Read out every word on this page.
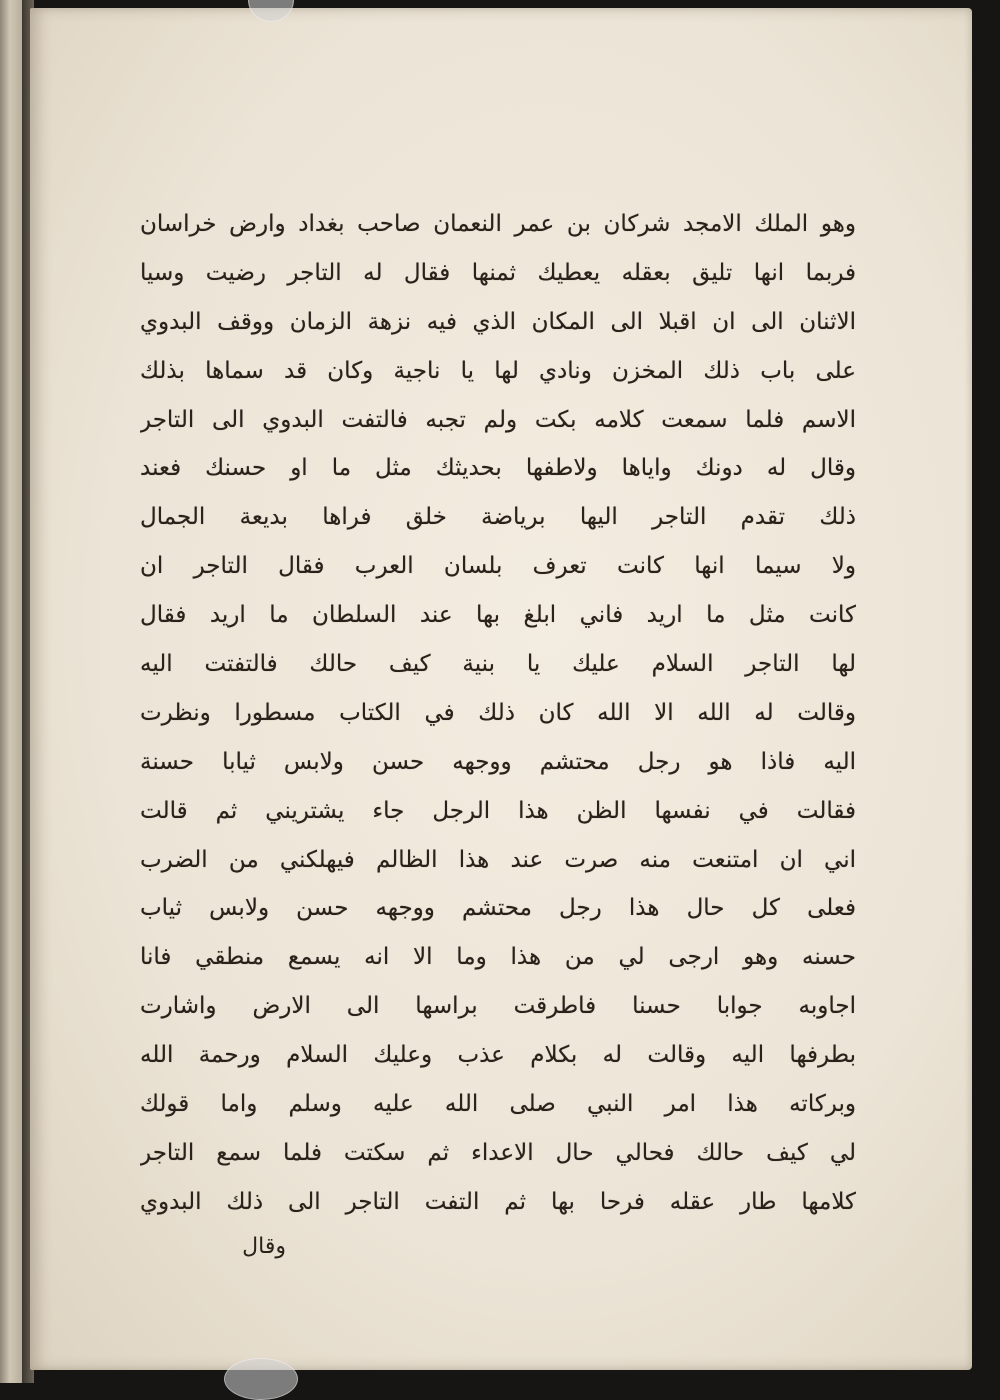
وهو الملك الامجد شركان بن عمر النعمان صاحب بغداد وارض خراسان
فربما انها تليق بعقله يعطيك ثمنها فقال له التاجر رضيت وسيا
الاثنان الى ان اقبلا الى المكان الذي فيه نزهة الزمان ووقف البدوي
على باب ذلك المخزن ونادي لها يا ناجية وكان قد سماها بذلك
الاسم فلما سمعت كلامه بكت ولم تجبه فالتفت البدوي الى التاجر
وقال له دونك واياها ولاطفها بحديثك مثل ما او حسنك فعند
ذلك تقدم التاجر اليها برياضة خلق فراها بديعة الجمال
ولا سيما انها كانت تعرف بلسان العرب فقال التاجر ان
كانت مثل ما اريد فاني ابلغ بها عند السلطان ما اريد فقال
لها التاجر السلام عليك يا بنية كيف حالك فالتفتت اليه
وقالت له الله الا الله كان ذلك في الكتاب مسطورا ونظرت
اليه فاذا هو رجل محتشم ووجهه حسن ولابس ثيابا حسنة
فقالت في نفسها الظن هذا الرجل جاء يشتريني ثم قالت
اني ان امتنعت منه صرت عند هذا الظالم فيهلكني من الضرب
فعلى كل حال هذا رجل محتشم ووجهه حسن ولابس ثياب
حسنه وهو ارجى لي من هذا وما الا انه يسمع منطقي فانا
اجاوبه جوابا حسنا فاطرقت براسها الى الارض واشارت
بطرفها اليه وقالت له بكلام عذب وعليك السلام ورحمة الله
وبركاته هذا امر النبي صلى الله عليه وسلم واما قولك
لي كيف حالك فحالي حال الاعداء ثم سكتت فلما سمع التاجر
كلامها طار عقله فرحا بها ثم التفت التاجر الى ذلك البدوي
وقال
